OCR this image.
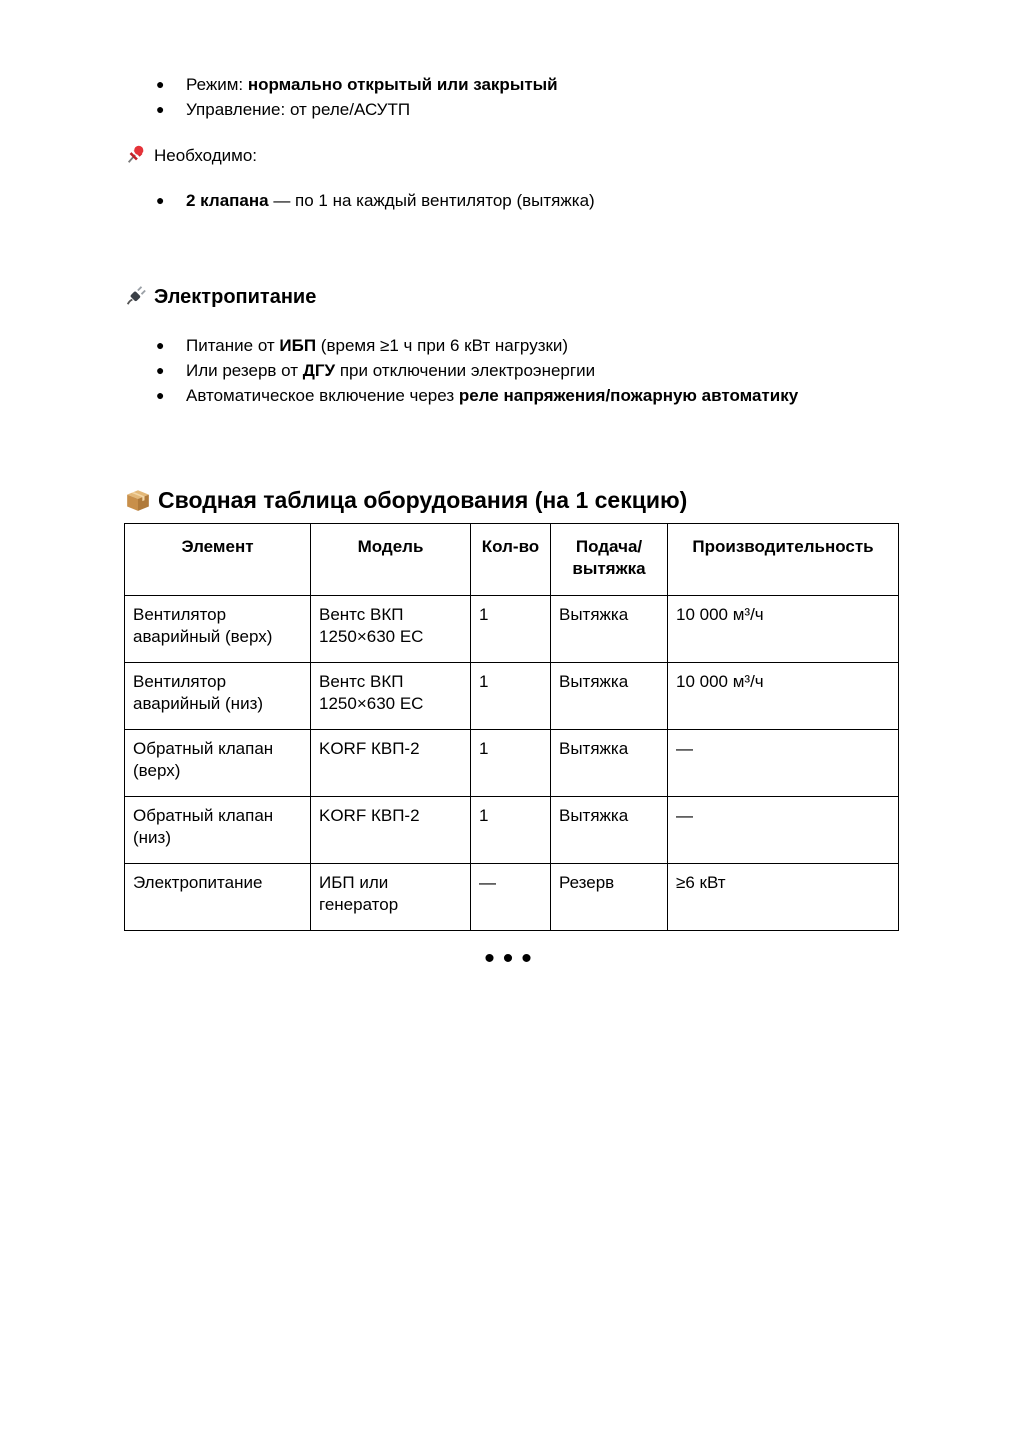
● Режим: нормально открытый или закрытый
● Управление: от реле/АСУТП
Необходимо:
● 2 клапана — по 1 на каждый вентилятор (вытяжка)
Электропитание
● Питание от ИБП (время ≥1 ч при 6 кВт нагрузки)
● Или резерв от ДГУ при отключении электроэнергии
● Автоматическое включение через реле напряжения/пожарную автоматику
Сводная таблица оборудования (на 1 секцию)
Элемент	Модель	Кол-во	Подача/ вытяжка	Производительность
Вентилятор аварийный (верх)	Вентс ВКП 1250×630 EC	1	Вытяжка	10 000 м³/ч
Вентилятор аварийный (низ)	Вентс ВКП 1250×630 EC	1	Вытяжка	10 000 м³/ч
Обратный клапан (верх)	KORF КВП-2	1	Вытяжка	—
Обратный клапан (низ)	KORF КВП-2	1	Вытяжка	—
Электропитание	ИБП или генератор	—	Резерв	≥6 кВт
•••
